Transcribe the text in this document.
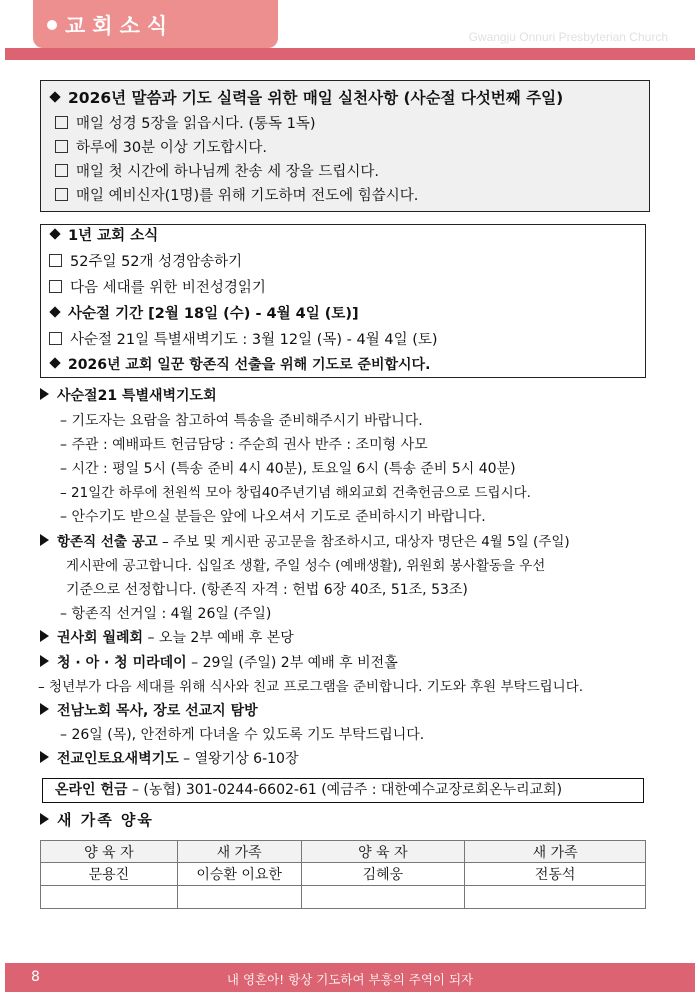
교회소식	Gwangju Onnuri Presbyterian Church
2026년 말씀과 기도 실력을 위한 매일 실천사항 (사순절 다섯번째 주일)
매일 성경 5장을 읽읍시다. (통독 1독)
하루에 30분 이상 기도합시다.
매일 첫 시간에 하나님께 찬송 세 장을 드립시다.
매일 예비신자(1명)를 위해 기도하며 전도에 힘씁시다.
1년 교회 소식
52주일 52개 성경암송하기
다음 세대를 위한 비전성경읽기
사순절 기간 [2월 18일 (수) - 4월 4일 (토)]
사순절 21일 특별새벽기도 : 3월 12일 (목) - 4월 4일 (토)
2026년 교회 일꾼 항존직 선출을 위해 기도로 준비합시다.
사순절21 특별새벽기도회
– 기도자는 요람을 참고하여 특송을 준비해주시기 바랍니다.
– 주관 : 예배파트 헌금담당 : 주순희 권사 반주 : 조미형 사모
– 시간 : 평일 5시 (특송 준비 4시 40분), 토요일 6시 (특송 준비 5시 40분)
– 21일간 하루에 천원씩 모아 창립40주년기념 해외교회 건축헌금으로 드립시다.
– 안수기도 받으실 분들은 앞에 나오셔서 기도로 준비하시기 바랍니다.
항존직 선출 공고 – 주보 및 게시판 공고문을 참조하시고, 대상자 명단은 4월 5일 (주일)
게시판에 공고합니다. 십일조 생활, 주일 성수 (예배생활), 위원회 봉사활동을 우선
기준으로 선정합니다. (항존직 자격 : 헌법 6장 40조, 51조, 53조)
– 항존직 선거일 : 4월 26일 (주일)
권사회 월례회 – 오늘 2부 예배 후 본당
청 · 아 · 청 미라데이 – 29일 (주일) 2부 예배 후 비전홀
– 청년부가 다음 세대를 위해 식사와 친교 프로그램을 준비합니다. 기도와 후원 부탁드립니다.
전남노회 목사, 장로 선교지 탐방
– 26일 (목), 안전하게 다녀올 수 있도록 기도 부탁드립니다.
전교인토요새벽기도 – 열왕기상 6-10장
온라인 헌금 – (농협) 301-0244-6602-61 (예금주 : 대한예수교장로회온누리교회)
새 가족 양육
양 육 자	새 가족	양 육 자	새 가족
문용진	이승환 이요한	김혜웅	전동석

8	내 영혼아! 항상 기도하여 부흥의 주역이 되자
